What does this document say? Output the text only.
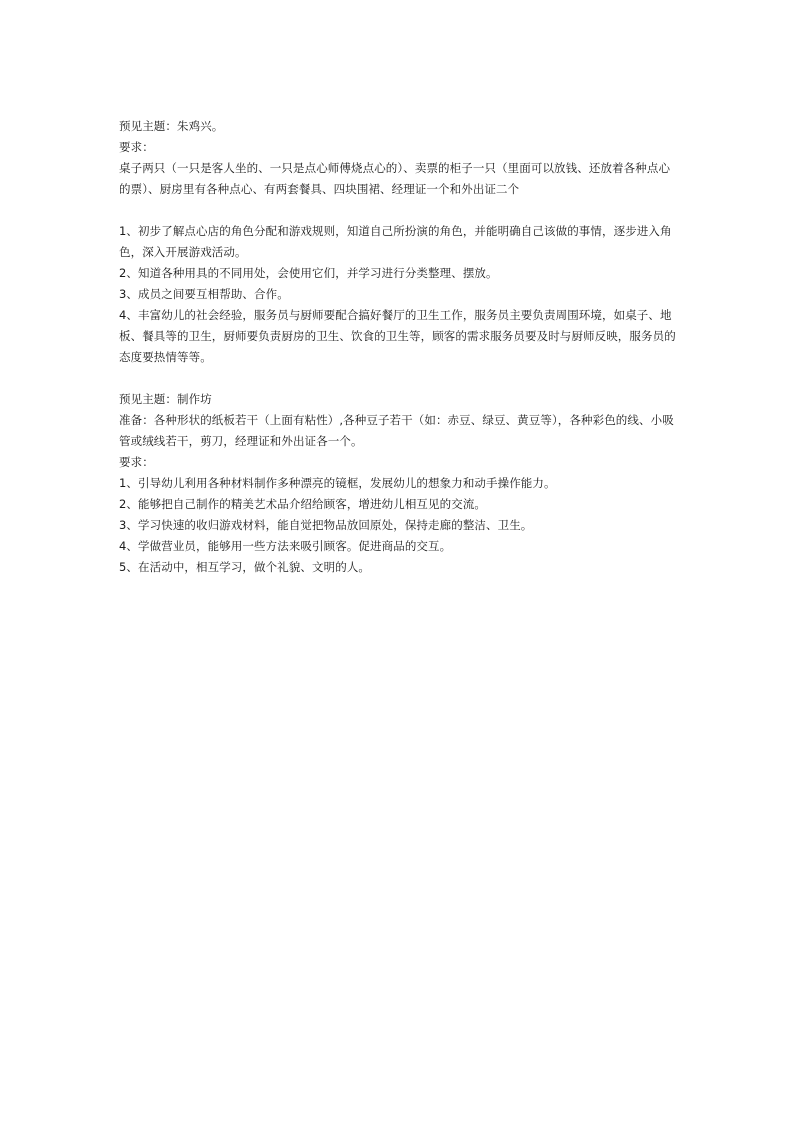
预见主题：朱鸡兴。

要求：

桌子两只（一只是客人坐的、一只是点心师傅烧点心的）、卖票的柜子一只（里面可以放钱、还放着各种点心的票）、厨房里有各种点心、有两套餐具、四块围裙、经理证一个和外出证二个

1、初步了解点心店的角色分配和游戏规则，知道自己所扮演的角色，并能明确自己该做的事情，逐步进入角色，深入开展游戏活动。

2、知道各种用具的不同用处，会使用它们，并学习进行分类整理、摆放。

3、成员之间要互相帮助、合作。

4、丰富幼儿的社会经验，服务员与厨师要配合搞好餐厅的卫生工作，服务员主要负责周围环境，如桌子、地板、餐具等的卫生，厨师要负责厨房的卫生、饮食的卫生等，顾客的需求服务员要及时与厨师反映，服务员的态度要热情等等。

预见主题：制作坊

准备：各种形状的纸板若干（上面有粘性）,各种豆子若干（如：赤豆、绿豆、黄豆等），各种彩色的线、小吸管或绒线若干，剪刀，经理证和外出证各一个。

要求：

1、引导幼儿利用各种材料制作多种漂亮的镜框，发展幼儿的想象力和动手操作能力。

2、能够把自己制作的精美艺术品介绍给顾客，增进幼儿相互见的交流。

3、学习快速的收归游戏材料，能自觉把物品放回原处，保持走廊的整洁、卫生。

4、学做营业员，能够用一些方法来吸引顾客。促进商品的交互。

5、在活动中，相互学习，做个礼貌、文明的人。
